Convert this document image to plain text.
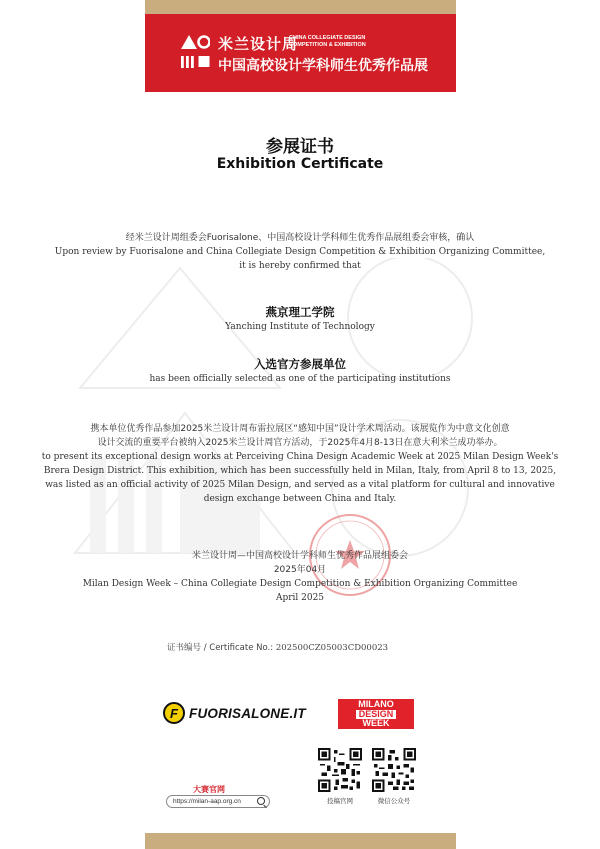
米兰设计周
CHINA COLLEGIATE DESIGN
COMPETITION & EXHIBITION
中国高校设计学科师生优秀作品展
参展证书
Exhibition Certificate
经米兰设计周组委会Fuorisalone、中国高校设计学科师生优秀作品展组委会审核，确认
Upon review by Fuorisalone and China Collegiate Design Competition & Exhibition Organizing Committee,
it is hereby confirmed that
燕京理工学院
Yanching Institute of Technology
入选官方参展单位
has been officially selected as one of the participating institutions
携本单位优秀作品参加2025米兰设计周布雷拉展区“感知中国”设计学术周活动。该展览作为中意文化创意
设计交流的重要平台被纳入2025米兰设计周官方活动，于2025年4月8-13日在意大利米兰成功举办。
to present its exceptional design works at Perceiving China Design Academic Week at 2025 Milan Design Week's
Brera Design District. This exhibition, which has been successfully held in Milan, Italy, from April 8 to 13, 2025,
was listed as an official activity of 2025 Milan Design, and served as a vital platform for cultural and innovative
design exchange between China and Italy.
米兰设计周—中国高校设计学科师生优秀作品展组委会
2025年04月
Milan Design Week – China Collegiate Design Competition & Exhibition Organizing Committee
April 2025
证书编号 / Certificate No.: 202500CZ05003CD00023
F FUORISALONE.IT
MILANO
DESIGN
WEEK
大赛官网
https://milan-aap.org.cn	投稿官网	微信公众号
